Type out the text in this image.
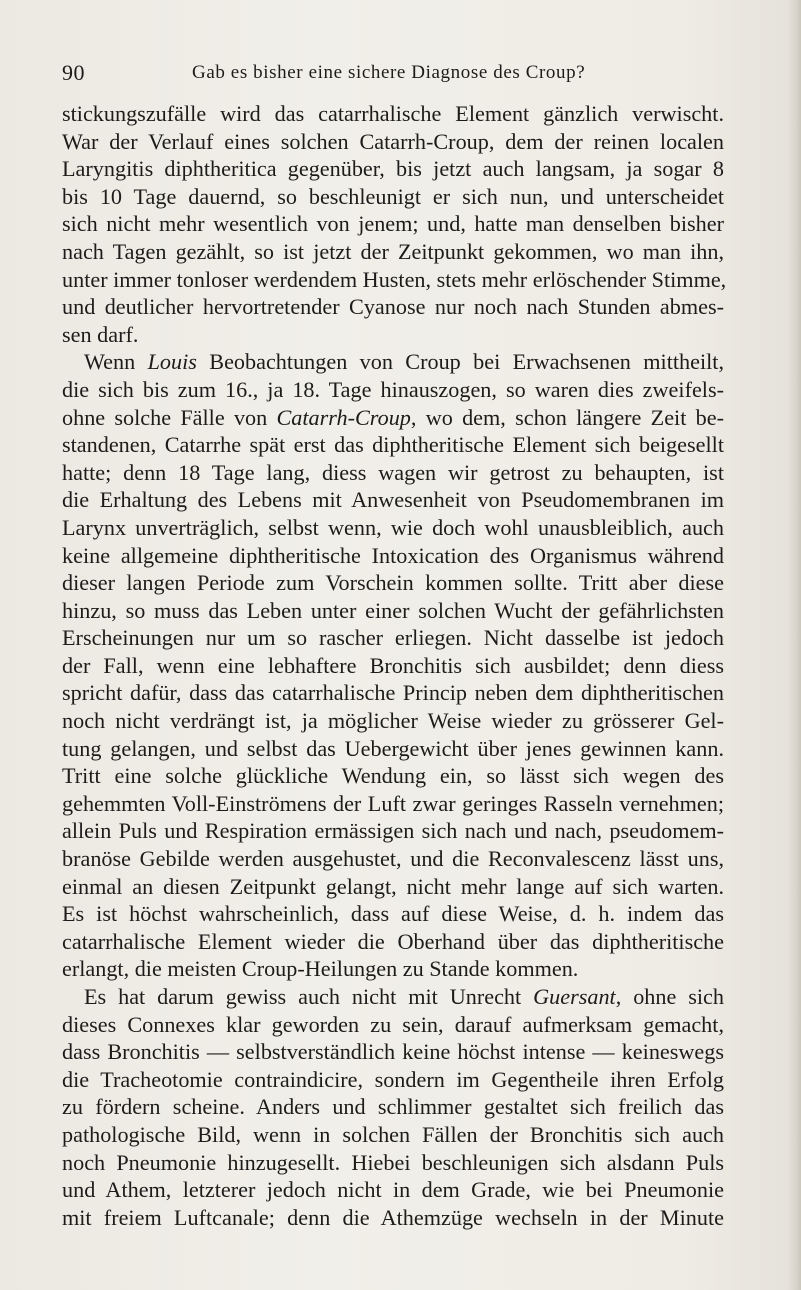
90	Gab es bisher eine sichere Diagnose des Croup?
stickungszufälle wird das catarrhalische Element gänzlich verwischt.
War der Verlauf eines solchen Catarrh-Croup, dem der reinen localen
Laryngitis diphtheritica gegenüber, bis jetzt auch langsam, ja sogar 8
bis 10 Tage dauernd, so beschleunigt er sich nun, und unterscheidet
sich nicht mehr wesentlich von jenem; und, hatte man denselben bisher
nach Tagen gezählt, so ist jetzt der Zeitpunkt gekommen, wo man ihn,
unter immer tonloser werdendem Husten, stets mehr erlöschender Stimme,
und deutlicher hervortretender Cyanose nur noch nach Stunden abmes-
sen darf.
Wenn Louis Beobachtungen von Croup bei Erwachsenen mittheilt,
die sich bis zum 16., ja 18. Tage hinauszogen, so waren dies zweifels-
ohne solche Fälle von Catarrh-Croup, wo dem, schon längere Zeit be-
standenen, Catarrhe spät erst das diphtheritische Element sich beigesellt
hatte; denn 18 Tage lang, diess wagen wir getrost zu behaupten, ist
die Erhaltung des Lebens mit Anwesenheit von Pseudomembranen im
Larynx unverträglich, selbst wenn, wie doch wohl unausbleiblich, auch
keine allgemeine diphtheritische Intoxication des Organismus während
dieser langen Periode zum Vorschein kommen sollte. Tritt aber diese
hinzu, so muss das Leben unter einer solchen Wucht der gefährlichsten
Erscheinungen nur um so rascher erliegen. Nicht dasselbe ist jedoch
der Fall, wenn eine lebhaftere Bronchitis sich ausbildet; denn diess
spricht dafür, dass das catarrhalische Princip neben dem diphtheritischen
noch nicht verdrängt ist, ja möglicher Weise wieder zu grösserer Gel-
tung gelangen, und selbst das Uebergewicht über jenes gewinnen kann.
Tritt eine solche glückliche Wendung ein, so lässt sich wegen des
gehemmten Voll-Einströmens der Luft zwar geringes Rasseln vernehmen;
allein Puls und Respiration ermässigen sich nach und nach, pseudomem-
branöse Gebilde werden ausgehustet, und die Reconvalescenz lässt uns,
einmal an diesen Zeitpunkt gelangt, nicht mehr lange auf sich warten.
Es ist höchst wahrscheinlich, dass auf diese Weise, d. h. indem das
catarrhalische Element wieder die Oberhand über das diphtheritische
erlangt, die meisten Croup-Heilungen zu Stande kommen.
Es hat darum gewiss auch nicht mit Unrecht Guersant, ohne sich
dieses Connexes klar geworden zu sein, darauf aufmerksam gemacht,
dass Bronchitis — selbstverständlich keine höchst intense — keineswegs
die Tracheotomie contraindicire, sondern im Gegentheile ihren Erfolg
zu fördern scheine. Anders und schlimmer gestaltet sich freilich das
pathologische Bild, wenn in solchen Fällen der Bronchitis sich auch
noch Pneumonie hinzugesellt. Hiebei beschleunigen sich alsdann Puls
und Athem, letzterer jedoch nicht in dem Grade, wie bei Pneumonie
mit freiem Luftcanale; denn die Athemzüge wechseln in der Minute
